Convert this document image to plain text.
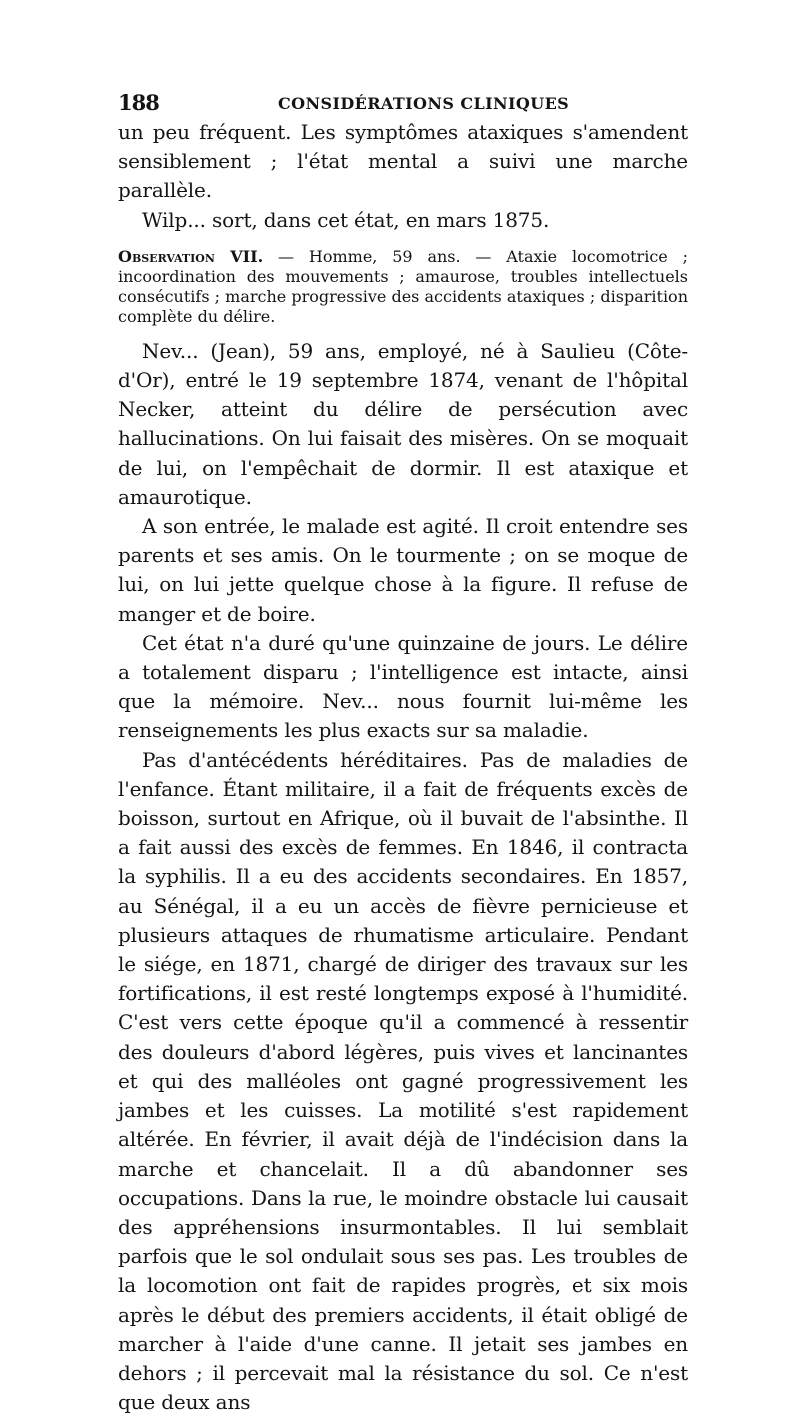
188	CONSIDÉRATIONS CLINIQUES

un peu fréquent. Les symptômes ataxiques s'amendent sensiblement ; l'état mental a suivi une marche parallèle.

Wilp... sort, dans cet état, en mars 1875.

Observation VII. — Homme, 59 ans. — Ataxie locomotrice ; incoordination des mouvements ; amaurose, troubles intellectuels consécutifs ; marche progressive des accidents ataxiques ; disparition complète du délire.

Nev... (Jean), 59 ans, employé, né à Saulieu (Côte-d'Or), entré le 19 septembre 1874, venant de l'hôpital Necker, atteint du délire de persécution avec hallucinations. On lui faisait des misères. On se moquait de lui, on l'empêchait de dormir. Il est ataxique et amaurotique.

A son entrée, le malade est agité. Il croit entendre ses parents et ses amis. On le tourmente ; on se moque de lui, on lui jette quelque chose à la figure. Il refuse de manger et de boire.

Cet état n'a duré qu'une quinzaine de jours. Le délire a totalement disparu ; l'intelligence est intacte, ainsi que la mémoire. Nev... nous fournit lui-même les renseignements les plus exacts sur sa maladie.

Pas d'antécédents héréditaires. Pas de maladies de l'enfance. Étant militaire, il a fait de fréquents excès de boisson, surtout en Afrique, où il buvait de l'absinthe. Il a fait aussi des excès de femmes. En 1846, il contracta la syphilis. Il a eu des accidents secondaires. En 1857, au Sénégal, il a eu un accès de fièvre pernicieuse et plusieurs attaques de rhumatisme articulaire. Pendant le siége, en 1871, chargé de diriger des travaux sur les fortifications, il est resté longtemps exposé à l'humidité. C'est vers cette époque qu'il a commencé à ressentir des douleurs d'abord légères, puis vives et lancinantes et qui des malléoles ont gagné progressivement les jambes et les cuisses. La motilité s'est rapidement altérée. En février, il avait déjà de l'indécision dans la marche et chancelait. Il a dû abandonner ses occupations. Dans la rue, le moindre obstacle lui causait des appréhensions insurmontables. Il lui semblait parfois que le sol ondulait sous ses pas. Les troubles de la locomotion ont fait de rapides progrès, et six mois après le début des premiers accidents, il était obligé de marcher à l'aide d'une canne. Il jetait ses jambes en dehors ; il percevait mal la résistance du sol. Ce n'est que deux ans
